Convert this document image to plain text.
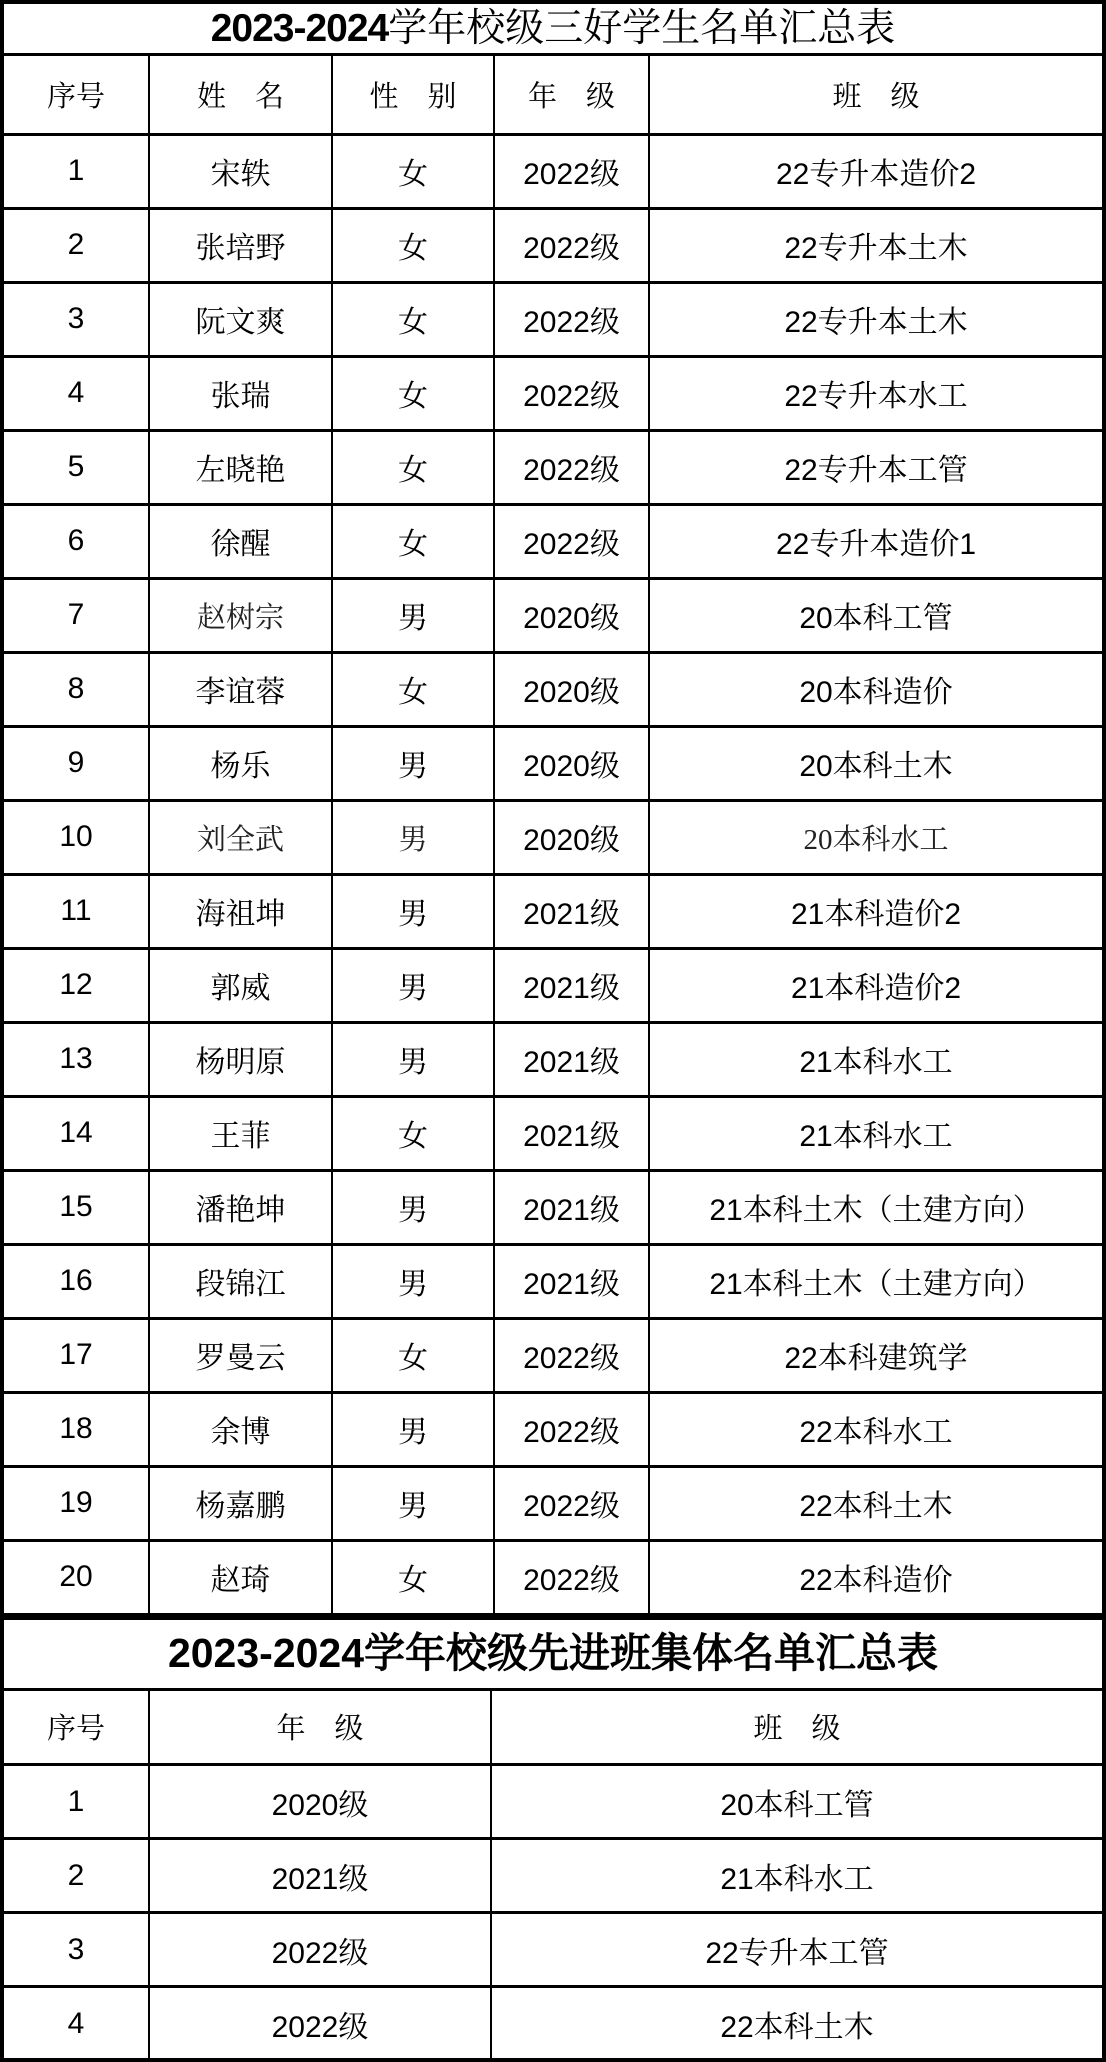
2023-2024 学年校级三好学生名单汇总表
序号	姓　名	性　别	年　级	班　级
1	宋轶	女	2022级	22专升本造价2
2	张培野	女	2022级	22专升本土木
3	阮文爽	女	2022级	22专升本土木
4	张瑞	女	2022级	22专升本水工
5	左晓艳	女	2022级	22专升本工管
6	徐醒	女	2022级	22专升本造价1
7	赵树宗	男	2020级	20本科工管
8	李谊蓉	女	2020级	20本科造价
9	杨乐	男	2020级	20本科土木
10	刘全武	男	2020级	20本科水工
11	海祖坤	男	2021级	21本科造价2
12	郭威	男	2021级	21本科造价2
13	杨明原	男	2021级	21本科水工
14	王菲	女	2021级	21本科水工
15	潘艳坤	男	2021级	21本科土木（土建方向）
16	段锦江	男	2021级	21本科土木（土建方向）
17	罗曼云	女	2022级	22本科建筑学
18	余博	男	2022级	22本科水工
19	杨嘉鹏	男	2022级	22本科土木
20	赵琦	女	2022级	22本科造价
2023-2024学年校级先进班集体名单汇总表
序号	年　级	班　级
1	2020级	20本科工管
2	2021级	21本科水工
3	2022级	22专升本工管
4	2022级	22本科土木
